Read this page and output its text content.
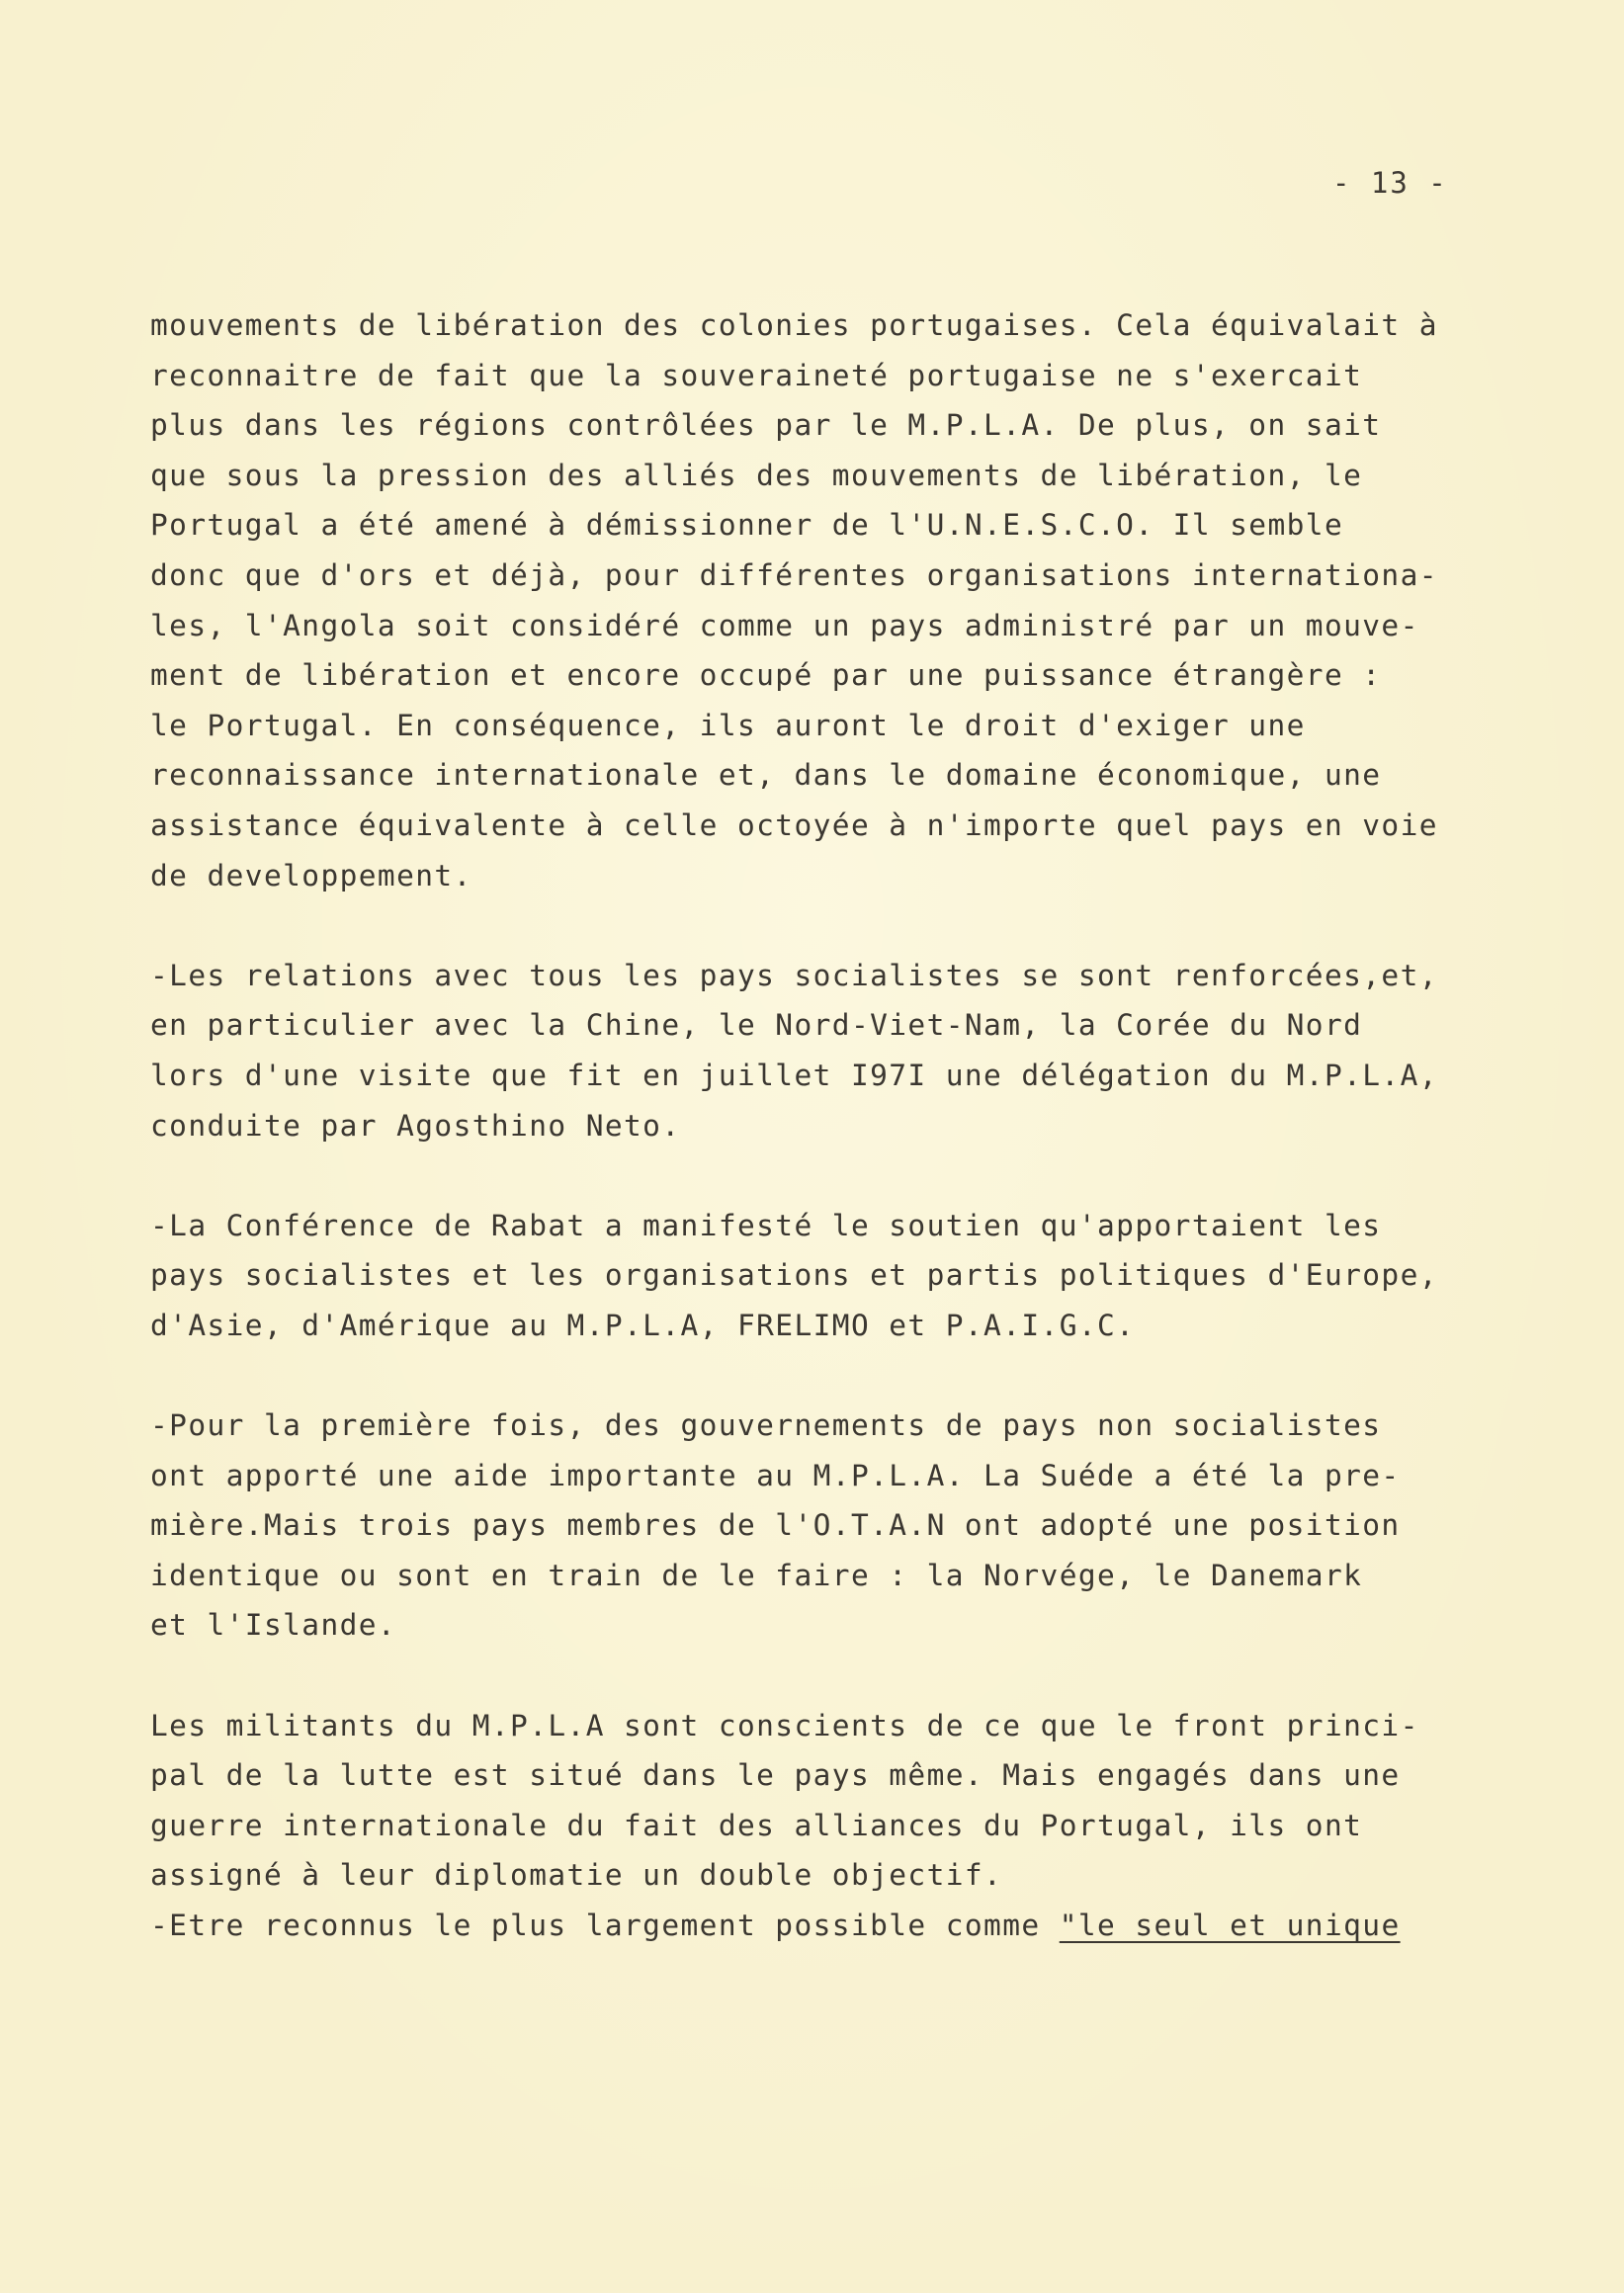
- 13 -
mouvements de libération des colonies portugaises. Cela équivalait à
reconnaitre de fait que la souveraineté portugaise ne s'exercait
plus dans les régions contrôlées par le M.P.L.A. De plus, on sait
que sous la pression des alliés des mouvements de libération, le
Portugal a été amené à démissionner de l'U.N.E.S.C.O. Il semble
donc que d'ors et déjà, pour différentes organisations internationa-
les, l'Angola soit considéré comme un pays administré par un mouve-
ment de libération et encore occupé par une puissance étrangère :
le Portugal. En conséquence, ils auront le droit d'exiger une
reconnaissance internationale et, dans le domaine économique, une
assistance équivalente à celle octoyée à n'importe quel pays en voie
de developpement.
-Les relations avec tous les pays socialistes se sont renforcées,et,
en particulier avec la Chine, le Nord-Viet-Nam, la Corée du Nord
lors d'une visite que fit en juillet I97I une délégation du M.P.L.A,
conduite par Agosthino Neto.
-La Conférence de Rabat a manifesté le soutien qu'apportaient les
pays socialistes et les organisations et partis politiques d'Europe,
d'Asie, d'Amérique au M.P.L.A, FRELIMO et P.A.I.G.C.
-Pour la première fois, des gouvernements de pays non socialistes
ont apporté une aide importante au M.P.L.A. La Suéde a été la pre-
mière.Mais trois pays membres de l'O.T.A.N ont adopté une position
identique ou sont en train de le faire : la Norvége, le Danemark
et l'Islande.
Les militants du M.P.L.A sont conscients de ce que le front princi-
pal de la lutte est situé dans le pays même. Mais engagés dans une
guerre internationale du fait des alliances du Portugal, ils ont
assigné à leur diplomatie un double objectif.
-Etre reconnus le plus largement possible comme "le seul et unique
